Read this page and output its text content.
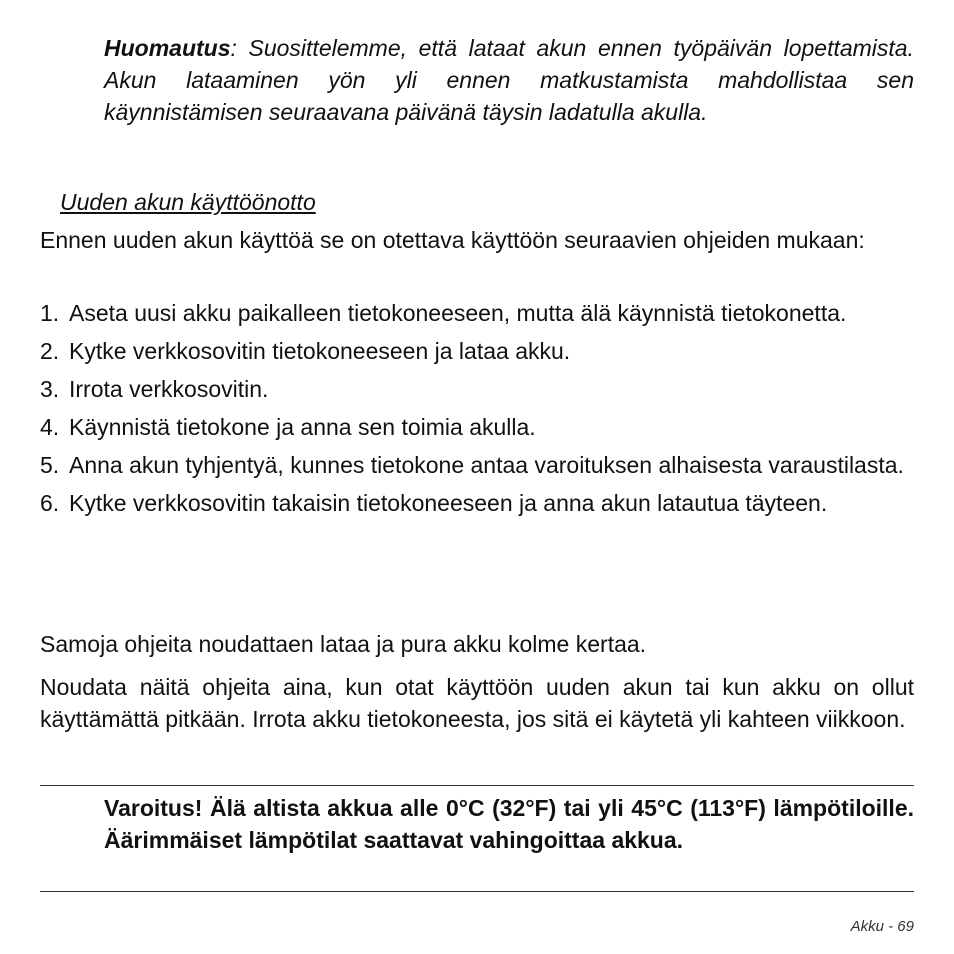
Huomautus: Suosittelemme, että lataat akun ennen työpäivän lopettamista. Akun lataaminen yön yli ennen matkustamista mahdollistaa sen käynnistämisen seuraavana päivänä täysin ladatulla akulla.
Uuden akun käyttöönotto
Ennen uuden akun käyttöä se on otettava käyttöön seuraavien ohjeiden mukaan:
1. Aseta uusi akku paikalleen tietokoneeseen, mutta älä käynnistä tietokonetta.
2. Kytke verkkosovitin tietokoneeseen ja lataa akku.
3. Irrota verkkosovitin.
4. Käynnistä tietokone ja anna sen toimia akulla.
5. Anna akun tyhjentyä, kunnes tietokone antaa varoituksen alhaisesta varaustilasta.
6. Kytke verkkosovitin takaisin tietokoneeseen ja anna akun latautua täyteen.
Samoja ohjeita noudattaen lataa ja pura akku kolme kertaa.
Noudata näitä ohjeita aina, kun otat käyttöön uuden akun tai kun akku on ollut käyttämättä pitkään. Irrota akku tietokoneesta, jos sitä ei käytetä yli kahteen viikkoon.
Varoitus! Älä altista akkua alle 0°C (32°F) tai yli 45°C (113°F) lämpötiloille. Äärimmäiset lämpötilat saattavat vahingoittaa akkua.
Akku - 69
